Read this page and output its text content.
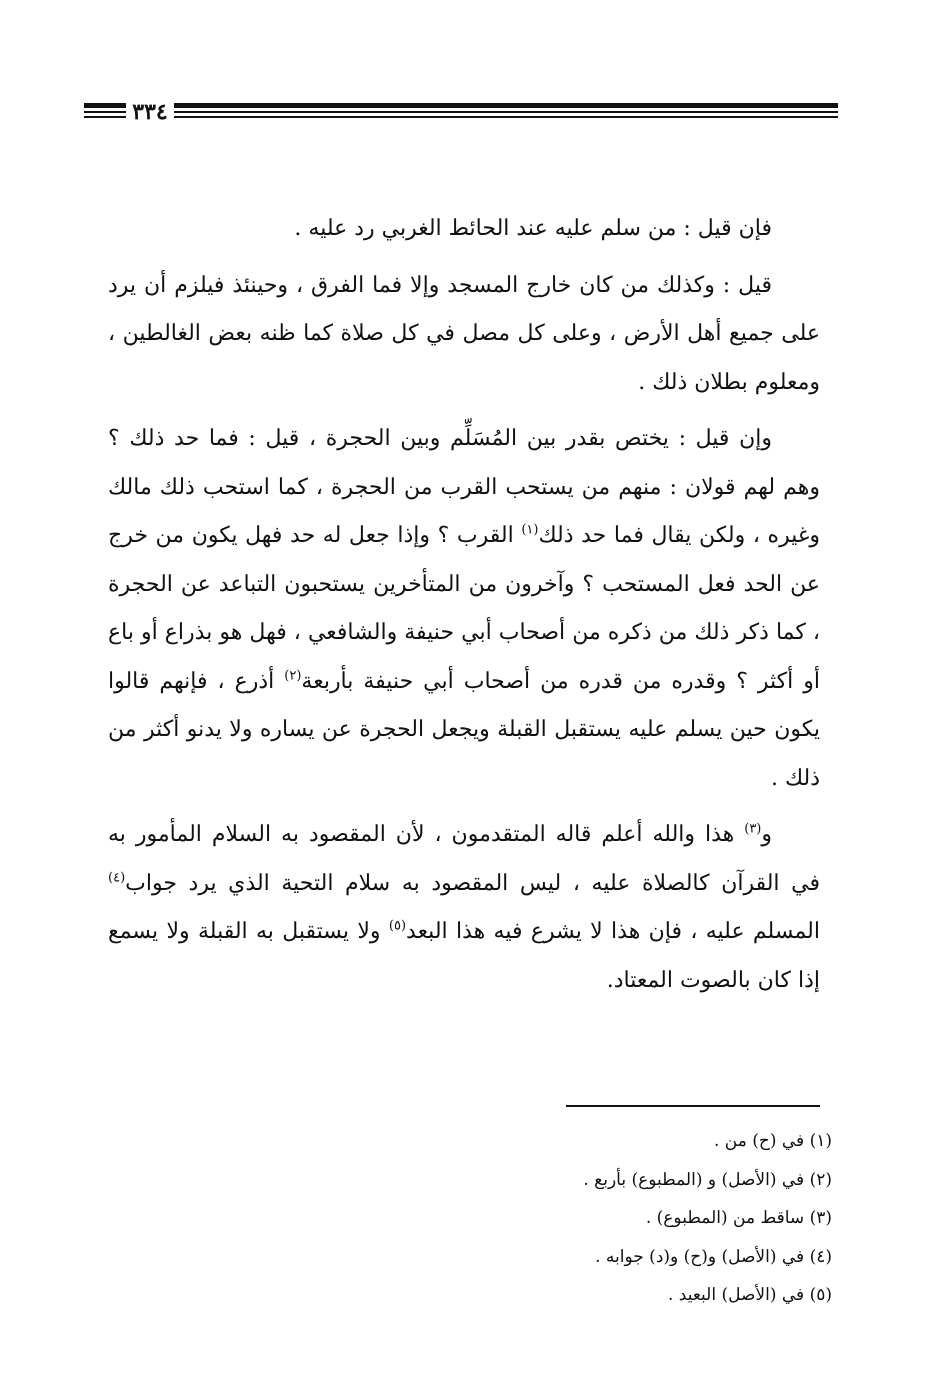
٣٣٤

فإن قيل : من سلم عليه عند الحائط الغربي رد عليه .

قيل : وكذلك من كان خارج المسجد وإلا فما الفرق ، وحينئذ فيلزم أن يرد على جميع أهل الأرض ، وعلى كل مصل في كل صلاة كما ظنه بعض الغالطين ، ومعلوم بطلان ذلك .

وإن قيل : يختص بقدر بين المُسَلِّم وبين الحجرة ، قيل : فما حد ذلك ؟ وهم لهم قولان : منهم من يستحب القرب من الحجرة ، كما استحب ذلك مالك وغيره ، ولكن يقال فما حد ذلك$^{(١)}$ القرب ؟ وإذا جعل له حد فهل يكون من خرج عن الحد فعل المستحب ؟ وآخرون من المتأخرين يستحبون التباعد عن الحجرة ، كما ذكر ذلك من ذكره من أصحاب أبي حنيفة والشافعي ، فهل هو بذراع أو باع أو أكثر ؟ وقدره من قدره من أصحاب أبي حنيفة بأربعة$^{(٢)}$ أذرع ، فإنهم قالوا يكون حين يسلم عليه يستقبل القبلة ويجعل الحجرة عن يساره ولا يدنو أكثر من ذلك .

و$^{(٣)}$ هذا والله أعلم قاله المتقدمون ، لأن المقصود به السلام المأمور به في القرآن كالصلاة عليه ، ليس المقصود به سلام التحية الذي يرد جواب$^{(٤)}$ المسلم عليه ، فإن هذا لا يشرع فيه هذا البعد$^{(٥)}$ ولا يستقبل به القبلة ولا يسمع إذا كان بالصوت المعتاد.

(١) في (ح) من .
(٢) في (الأصل) و (المطبوع) بأربع .
(٣) ساقط من (المطبوع) .
(٤) في (الأصل) و(ح) و(د) جوابه .
(٥) في (الأصل) البعيد .
